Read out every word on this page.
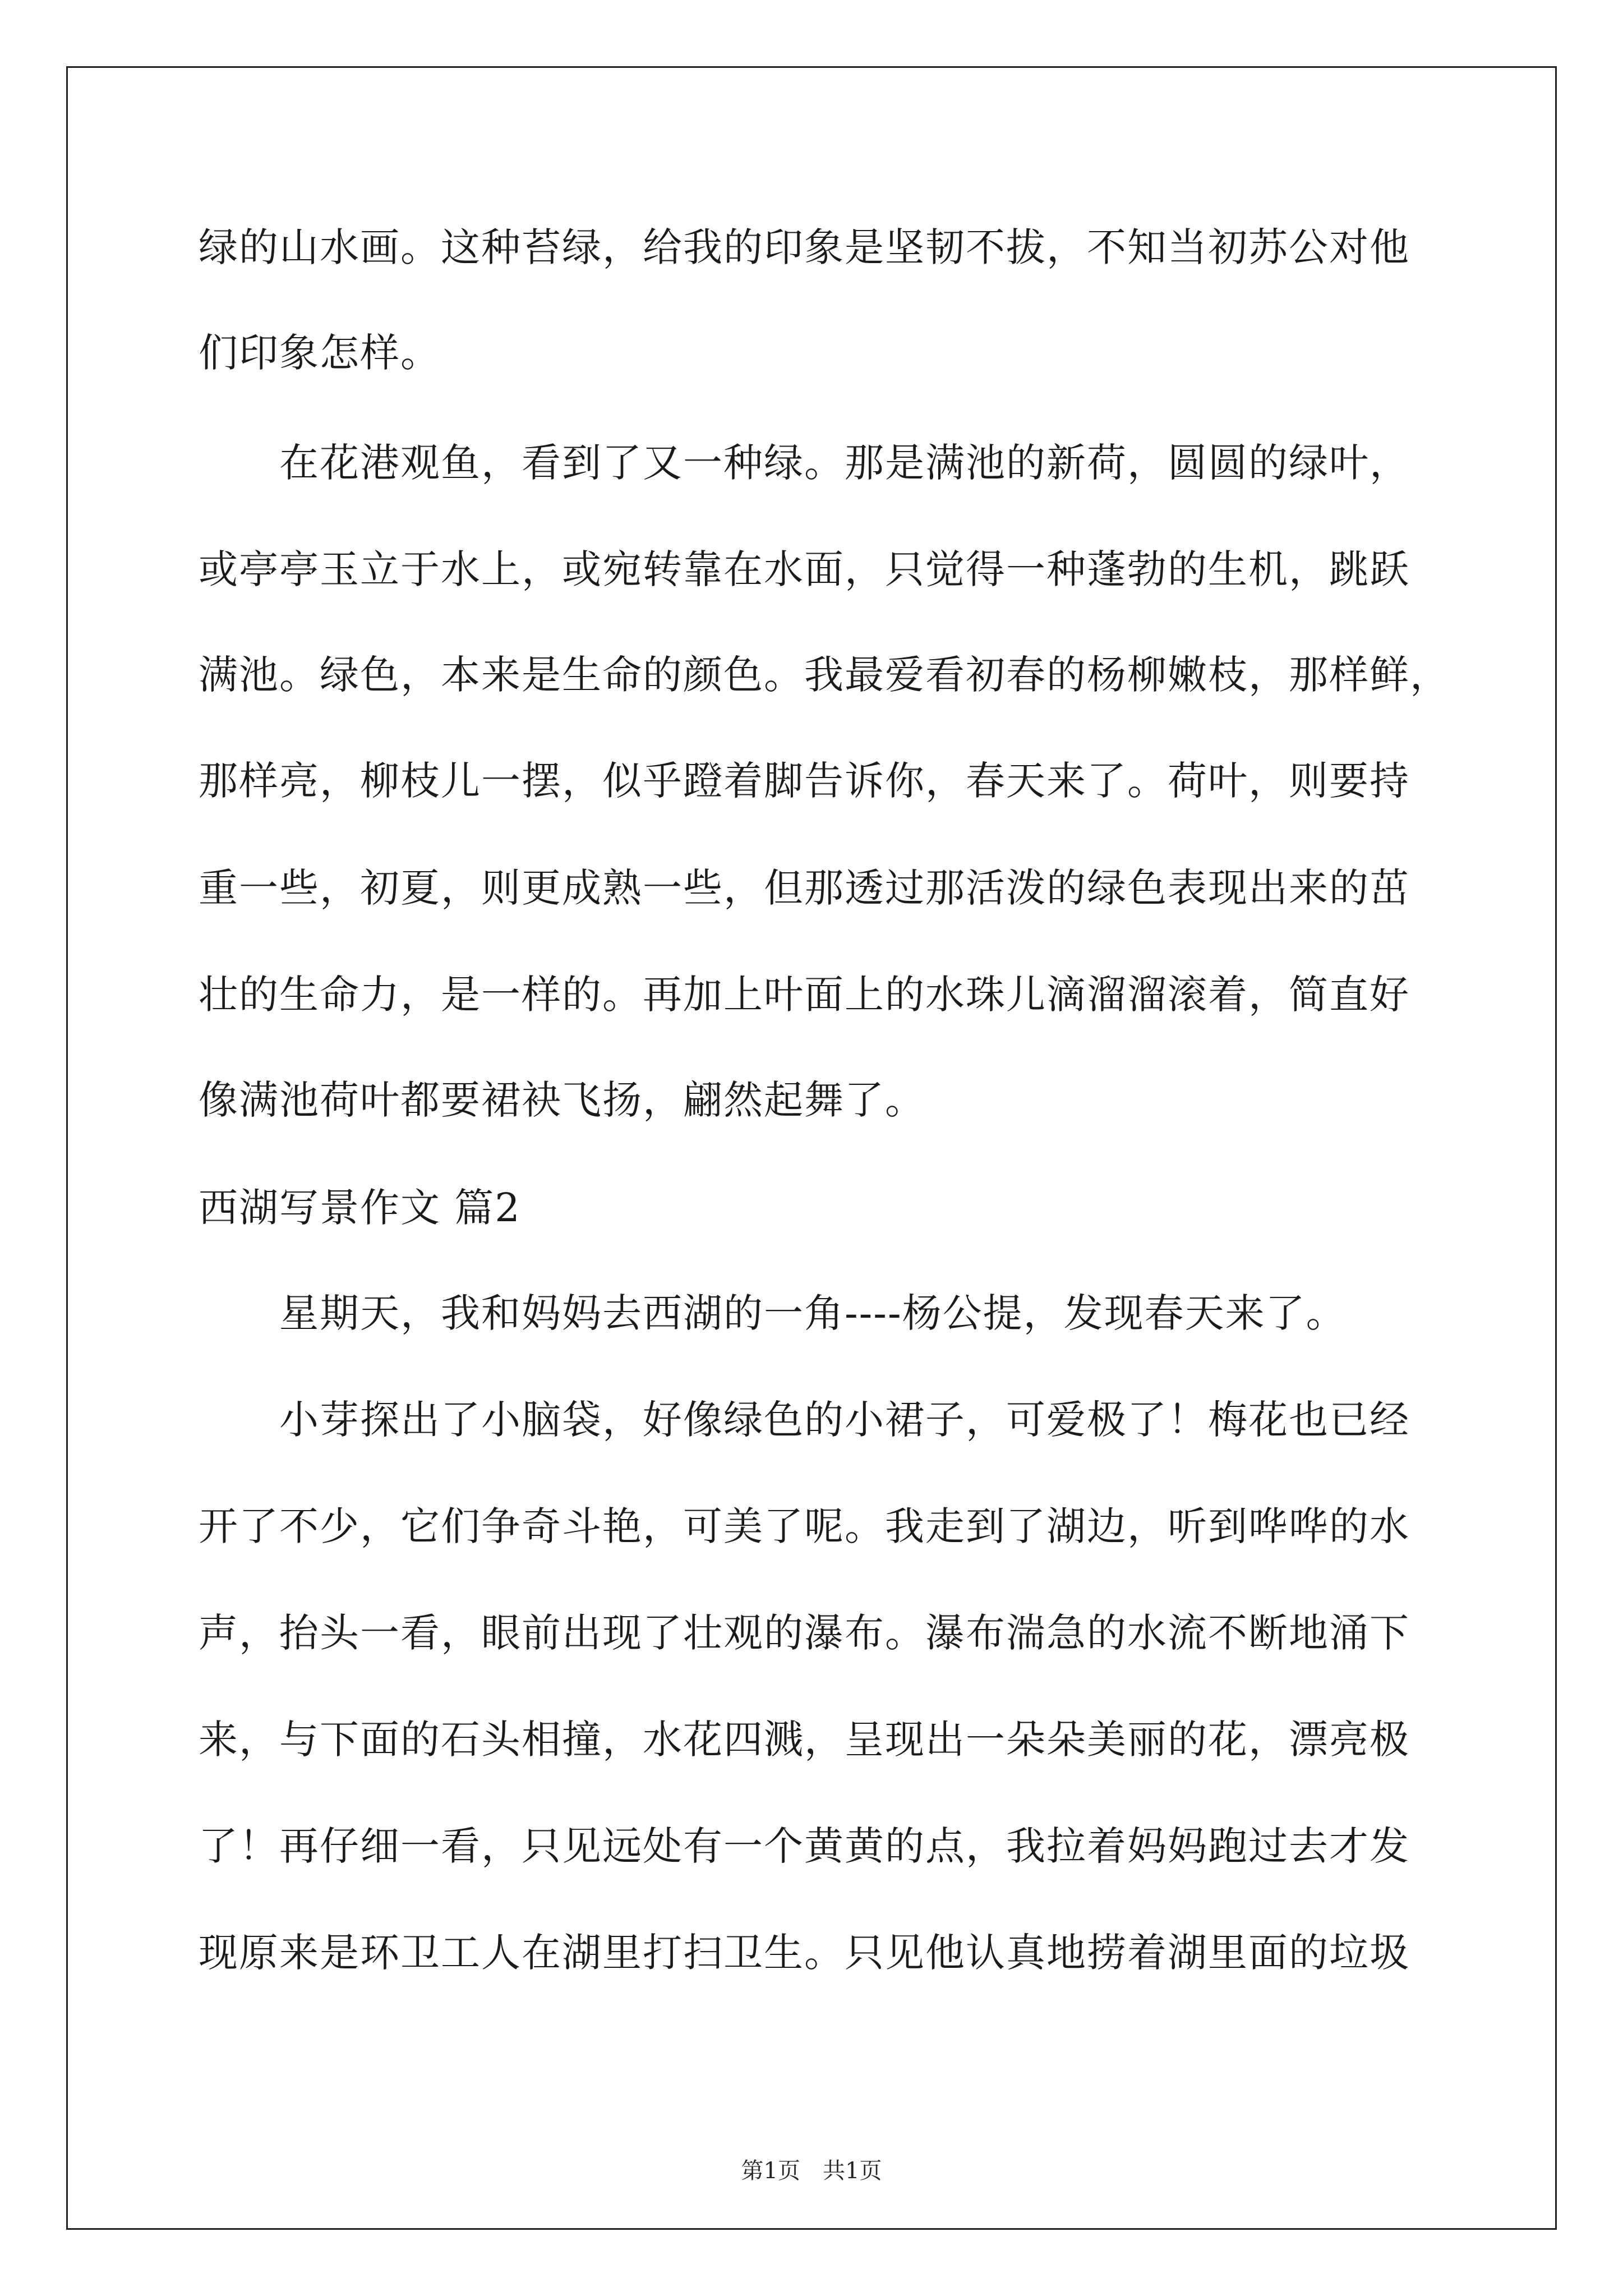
绿的山水画。这种苔绿，给我的印象是坚韧不拔，不知当初苏公对他
们印象怎样。
　　在花港观鱼，看到了又一种绿。那是满池的新荷，圆圆的绿叶，
或亭亭玉立于水上，或宛转靠在水面，只觉得一种蓬勃的生机，跳跃
满池。绿色，本来是生命的颜色。我最爱看初春的杨柳嫩枝，那样鲜，
那样亮，柳枝儿一摆，似乎蹬着脚告诉你，春天来了。荷叶，则要持
重一些，初夏，则更成熟一些，但那透过那活泼的绿色表现出来的茁
壮的生命力，是一样的。再加上叶面上的水珠儿滴溜溜滚着，简直好
像满池荷叶都要裙袂飞扬，翩然起舞了。
西湖写景作文 篇2
　　星期天，我和妈妈去西湖的一角----杨公提，发现春天来了。
　　小芽探出了小脑袋，好像绿色的小裙子，可爱极了！梅花也已经
开了不少，它们争奇斗艳，可美了呢。我走到了湖边，听到哗哗的水
声，抬头一看，眼前出现了壮观的瀑布。瀑布湍急的水流不断地涌下
来，与下面的石头相撞，水花四溅，呈现出一朵朵美丽的花，漂亮极
了！再仔细一看，只见远处有一个黄黄的点，我拉着妈妈跑过去才发
现原来是环卫工人在湖里打扫卫生。只见他认真地捞着湖里面的垃圾
第1页　共1页
